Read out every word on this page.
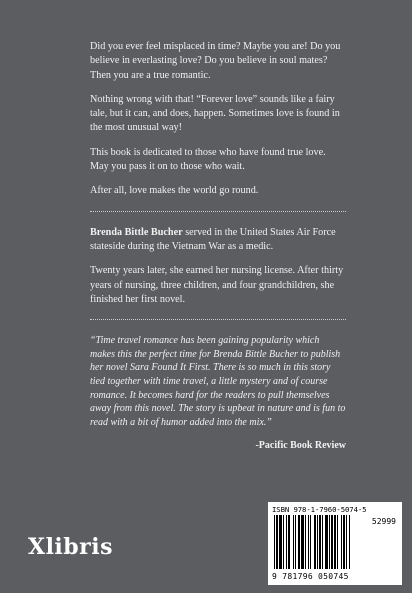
Did you ever feel misplaced in time? Maybe you are! Do you believe in everlasting love? Do you believe in soul mates? Then you are a true romantic.

Nothing wrong with that! “Forever love” sounds like a fairy tale, but it can, and does, happen. Sometimes love is found in the most unusual way!

This book is dedicated to those who have found true love. May you pass it on to those who wait.

After all, love makes the world go round.

Brenda Bittle Bucher served in the United States Air Force stateside during the Vietnam War as a medic.

Twenty years later, she earned her nursing license. After thirty years of nursing, three children, and four grandchildren, she finished her first novel.

“Time travel romance has been gaining popularity which makes this the perfect time for Brenda Bittle Bucher to publish her novel Sara Found It First. There is so much in this story tied together with time travel, a little mystery and of course romance. It becomes hard for the readers to pull themselves away from this novel. The story is upbeat in nature and is fun to read with a bit of humor added into the mix.”

-Pacific Book Review
Xlibris
ISBN 978-1-7960-5074-5
52999
9 781796 050745
